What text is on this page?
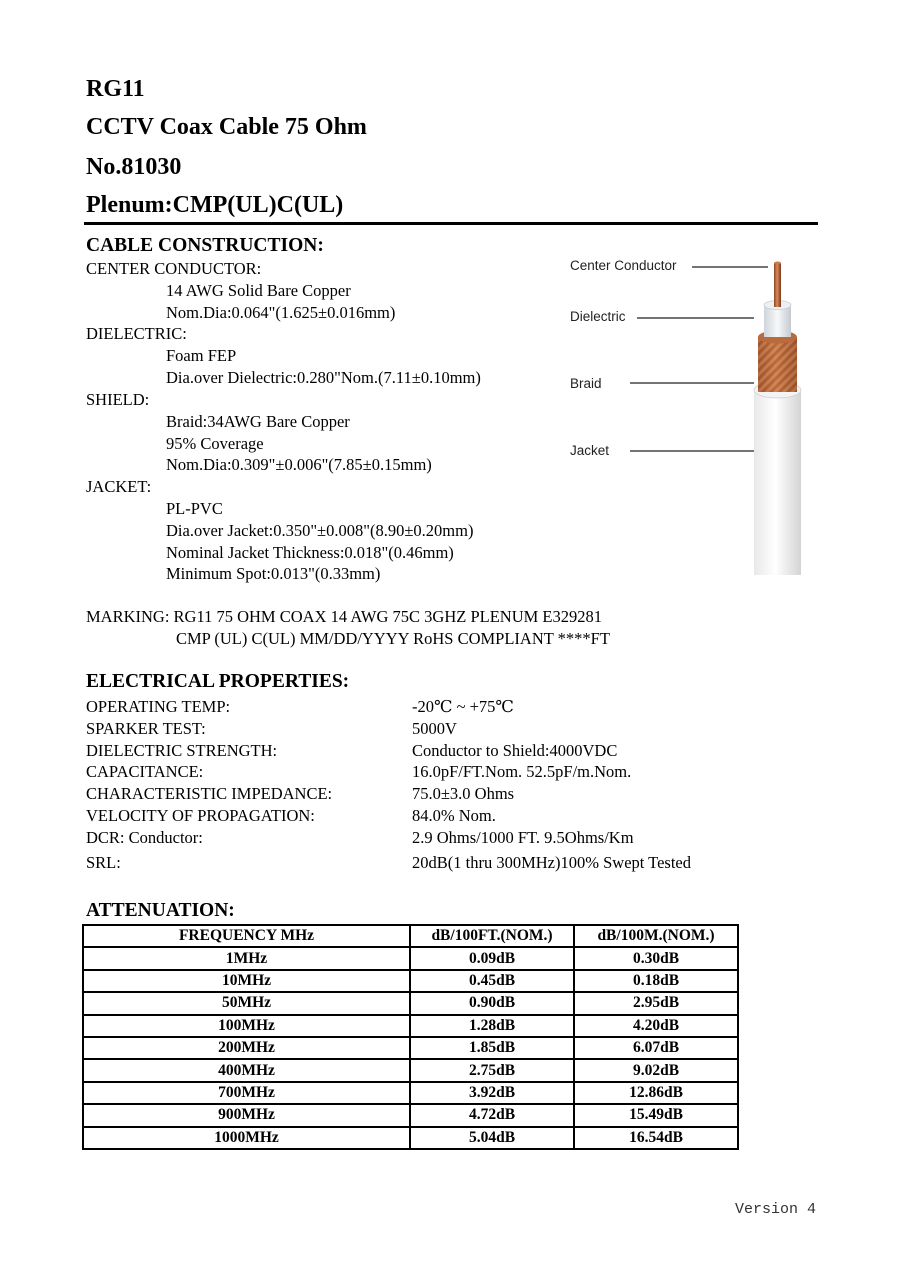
RG11
CCTV Coax Cable 75 Ohm
No.81030
Plenum:CMP(UL)C(UL)
CABLE CONSTRUCTION:
CENTER CONDUCTOR:
14 AWG Solid Bare Copper
Nom.Dia:0.064"(1.625±0.016mm)
DIELECTRIC:
Foam FEP
Dia.over Dielectric:0.280"Nom.(7.11±0.10mm)
SHIELD:
Braid:34AWG Bare Copper
95% Coverage
Nom.Dia:0.309"±0.006"(7.85±0.15mm)
JACKET:
PL-PVC
Dia.over Jacket:0.350"±0.008"(8.90±0.20mm)
Nominal Jacket Thickness:0.018"(0.46mm)
Minimum Spot:0.013"(0.33mm)
Center Conductor
Dielectric
Braid
Jacket
MARKING: RG11 75 OHM COAX 14 AWG 75C 3GHZ PLENUM E329281
CMP (UL) C(UL) MM/DD/YYYY RoHS COMPLIANT ****FT
ELECTRICAL PROPERTIES:
OPERATING TEMP:	-20℃ ~ +75℃
SPARKER TEST:	5000V
DIELECTRIC STRENGTH:	Conductor to Shield:4000VDC
CAPACITANCE:	16.0pF/FT.Nom. 52.5pF/m.Nom.
CHARACTERISTIC IMPEDANCE:	75.0±3.0 Ohms
VELOCITY OF PROPAGATION:	84.0% Nom.
DCR: Conductor:	2.9 Ohms/1000 FT. 9.5Ohms/Km
SRL:	20dB(1 thru 300MHz)100% Swept Tested
ATTENUATION:
FREQUENCY MHz	dB/100FT.(NOM.)	dB/100M.(NOM.)
1MHz	0.09dB	0.30dB
10MHz	0.45dB	0.18dB
50MHz	0.90dB	2.95dB
100MHz	1.28dB	4.20dB
200MHz	1.85dB	6.07dB
400MHz	2.75dB	9.02dB
700MHz	3.92dB	12.86dB
900MHz	4.72dB	15.49dB
1000MHz	5.04dB	16.54dB
Version 4
